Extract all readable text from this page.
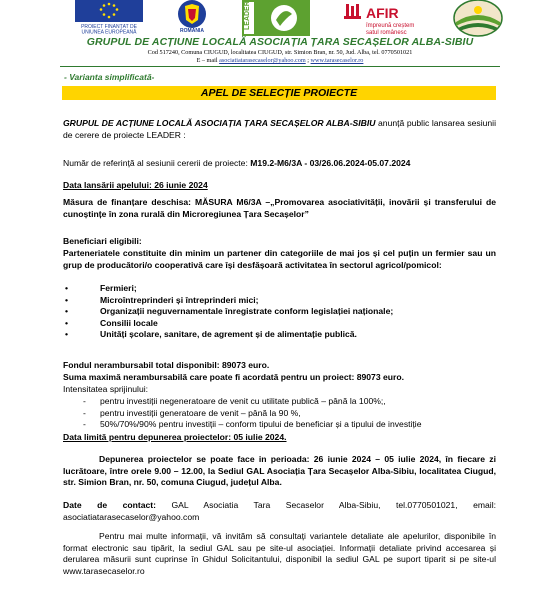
PROIECT FINANȚAT DE
UNIUNEA EUROPEANĂ	ROMÂNIA
LEADER	AFIR
împreună creștem
satul românesc
GRUPUL DE ACȚIUNE LOCALĂ ASOCIAȚIA ȚARA SECAȘELOR ALBA-SIBIU
Cod 517240, Comuna CIUGUD, localitatea CIUGUD, str. Simion Bran, nr. 50, Jud. Alba, tel. 0770501021
E – mail asociatiatarasecaselor@yahoo.com ; www.tarasecaselor.ro
- Varianta simplificată-
APEL DE SELECȚIE PROIECTE
GRUPUL DE ACȚIUNE LOCALĂ ASOCIAȚIA ȚARA SECAȘELOR ALBA-SIBIU anunță public lansarea sesiunii de cerere de proiecte LEADER :
Număr de referință al sesiunii cererii de proiecte: M19.2-M6/3A - 03/26.06.2024-05.07.2024
Data lansării apelului: 26 iunie 2024
Măsura de finanțare deschisa: MĂSURA M6/3A –„Promovarea asociativității, inovării și transferului de cunoștințe în zona rurală din Microregiunea Țara Secașelor”
Beneficiari eligibili:
Parteneriatele constituite din minim un partener din categoriile de mai jos și cel puțin un fermier sau un grup de producători/o cooperativă care își desfășoară activitatea în sectorul agricol/pomicol:
• Fermieri;
• Microîntreprinderi și întreprinderi mici;
• Organizații neguvernamentale înregistrate conform legislației naționale;
• Consilii locale
• Unități școlare, sanitare, de agrement și de alimentație publică.
Fondul nerambursabil total disponibil: 89073 euro.
Suma maximă nerambursabilă care poate fi acordată pentru un proiect: 89073 euro.
Intensitatea sprijinului:
- pentru investiții negeneratoare de venit cu utilitate publică – până la 100%;,
- pentru investiții generatoare de venit – până la 90 %,
- 50%/70%/90% pentru investiții – conform tipului de beneficiar și a tipului de investiție
Data limită pentru depunerea proiectelor: 05 iulie 2024.
Depunerea proiectelor se poate face in perioada: 26 iunie 2024 – 05 iulie 2024, în fiecare zi lucrătoare, între orele 9.00 – 12.00, la Sediul GAL Asociația Țara Secașelor Alba-Sibiu, localitatea Ciugud, str. Simion Bran, nr. 50, comuna Ciugud, județul Alba.
Date de contact: GAL Asociatia Tara Secaselor Alba-Sibiu, tel.0770501021, email: asociatiatarasecaselor@yahoo.com
Pentru mai multe informații, vă invităm să consultați variantele detaliate ale apelurilor, disponibile în format electronic sau tipărit, la sediul GAL sau pe site-ul asociației. Informații detaliate privind accesarea și derularea măsurii sunt cuprinse în Ghidul Solicitantului, disponibil la sediul GAL pe suport tiparit si pe site-ul www.tarasecaselor.ro
